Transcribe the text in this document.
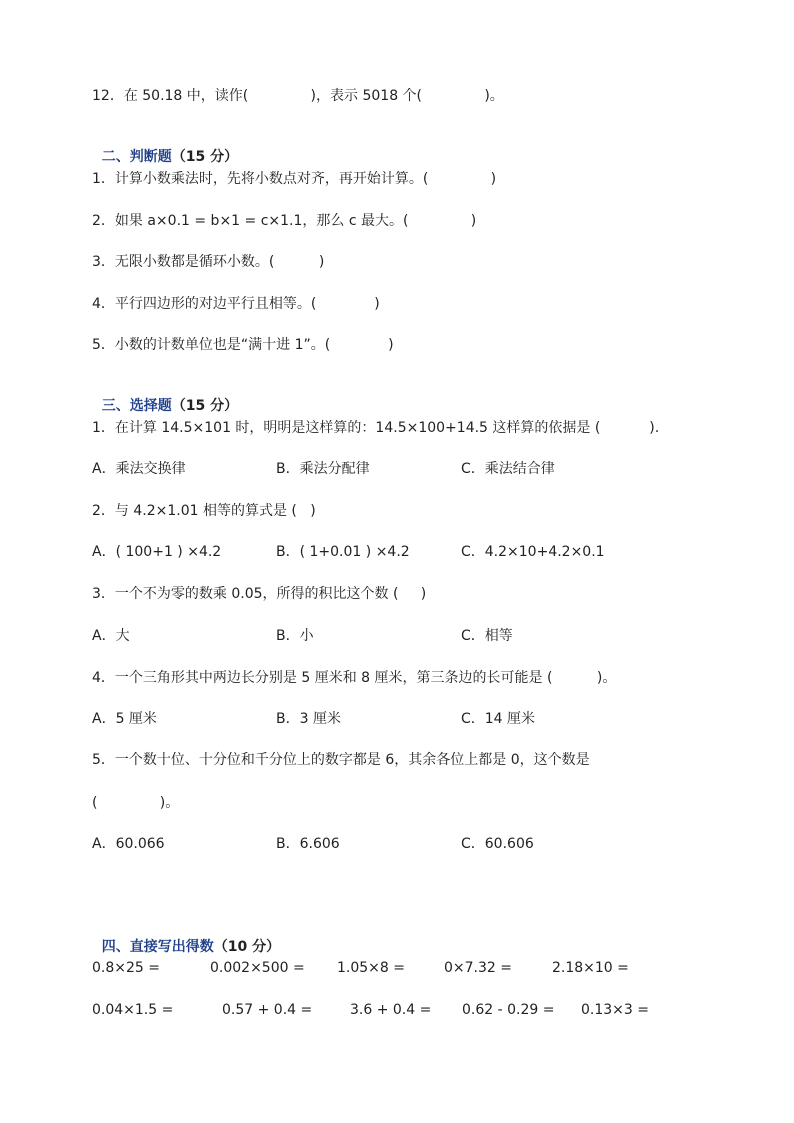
12．在 50.18 中，读作(              )，表示 5018 个(              )。

二、判断题（15 分）

1．计算小数乘法时，先将小数点对齐，再开始计算。(              )
2．如果 a×0.1 = b×1 = c×1.1，那么 c 最大。(              )
3．无限小数都是循环小数。(          )
4．平行四边形的对边平行且相等。(             )
5．小数的计数单位也是“满十进 1”。(             )

三、选择题（15 分）

1．在计算 14.5×101 时，明明是这样算的：14.5×100+14.5 这样算的依据是 (           ).
A．乘法交换律	B．乘法分配律	C．乘法结合律
2．与 4.2×1.01 相等的算式是 (   )
A．( 100+1 ) ×4.2	B．( 1+0.01 ) ×4.2	C．4.2×10+4.2×0.1
3．一个不为零的数乘 0.05，所得的积比这个数 (     )
A．大	B．小	C．相等
4．一个三角形其中两边长分别是 5 厘米和 8 厘米，第三条边的长可能是 (          )。
A．5 厘米	B．3 厘米	C．14 厘米
5．一个数十位、十分位和千分位上的数字都是 6，其余各位上都是 0，这个数是
(              )。
A．60.066	B．6.606	C．60.606

四、直接写出得数（10 分）

0.8×25 =	0.002×500 = 1.05×8 =	0×7.32 =	2.18×10 =
0.04×1.5 =	0.57 + 0.4 =	3.6 + 0.4 = 0.62 - 0.29 = 0.13×3 =
